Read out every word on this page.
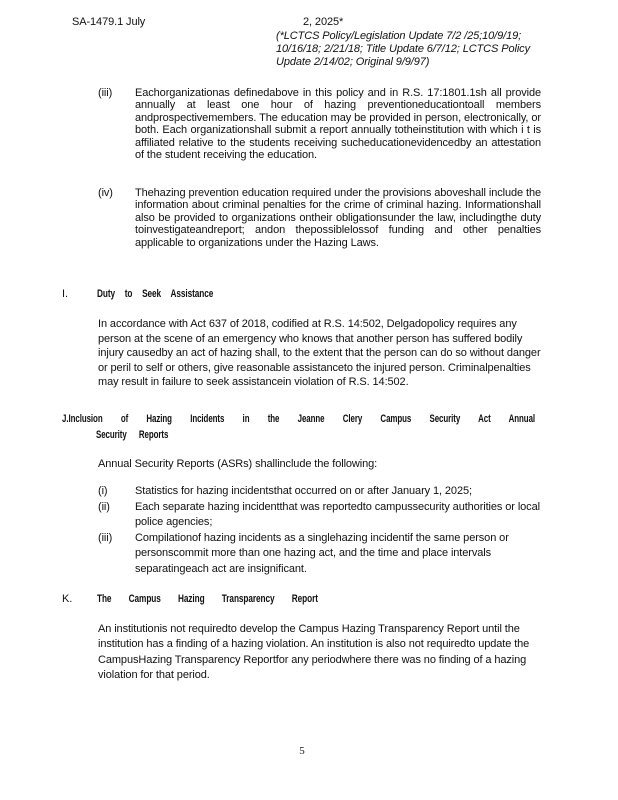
SA-1479.1 July	2, 2025*
(*LCTCS Policy/Legislation Update 7/2 /25;10/9/19;
10/16/18; 2/21/18; Title Update 6/7/12; LCTCS Policy
Update 2/14/02; Original 9/9/97)
(iii)	Eachorganizationas definedabove in this policy and in R.S. 17:1801.1sh all provide annually at least one hour of hazing preventioneducationtoall members andprospectivemembers. The education may be provided in person, electronically, or both. Each organizationshall submit a report annually totheinstitution with which i t is affiliated relative to the students receiving sucheducationevidencedby an attestation of the student receiving the education.
(iv)	Thehazing prevention education required under the provisions aboveshall include the information about criminal penalties for the crime of criminal hazing. Informationshall also be provided to organizations ontheir obligationsunder the law, includingthe duty toinvestigateandreport; andon thepossiblelossof funding and other penalties applicable to organizations under the Hazing Laws.
I.	Duty to Seek Assistance
In accordance with Act 637 of 2018, codified at R.S. 14:502, Delgadopolicy requires any person at the scene of an emergency who knows that another person has suffered bodily injury causedby an act of hazing shall, to the extent that the person can do so without danger or peril to self or others, give reasonable assistanceto the injured person. Criminalpenalties may result in failure to seek assistancein violation of R.S. 14:502.
J.Inclusion of Hazing Incidents in the Jeanne Clery Campus Security Act Annual
Security Reports
Annual Security Reports (ASRs) shallinclude the following:
(i)	Statistics for hazing incidentsthat occurred on or after January 1, 2025;
(ii)	Each separate hazing incidentthat was reportedto campussecurity authorities or local police agencies;
(iii)	Compilationof hazing incidents as a singlehazing incidentif the same person or personscommit more than one hazing act, and the time and place intervals separatingeach act are insignificant.
K. The Campus Hazing Transparency Report
An institutionis not requiredto develop the Campus Hazing Transparency Report until the institution has a finding of a hazing violation. An institution is also not requiredto update the CampusHazing Transparency Reportfor any periodwhere there was no finding of a hazing violation for that period.
5
